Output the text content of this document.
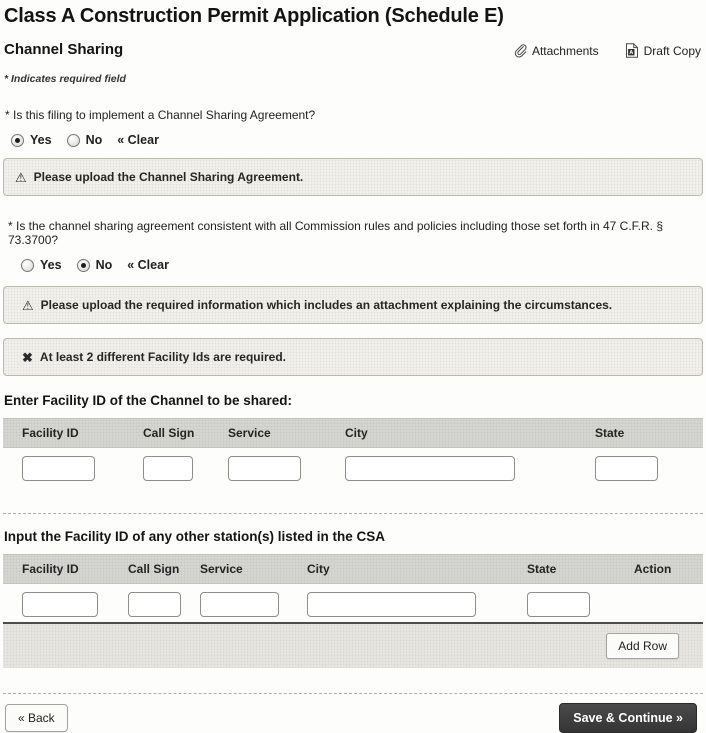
Class A Construction Permit Application (Schedule E)
Channel Sharing	Attachments	A Draft Copy
* Indicates required field
* Is this filing to implement a Channel Sharing Agreement?
Yes	No « Clear
⚠ Please upload the Channel Sharing Agreement.
* Is the channel sharing agreement consistent with all Commission rules and policies including those set forth in 47 C.F.R. § 73.3700?
Yes	No « Clear
⚠ Please upload the required information which includes an attachment explaining the circumstances.
✖ At least 2 different Facility Ids are required.
Enter Facility ID of the Channel to be shared:
Facility ID	Call Sign	Service	City	State
Input the Facility ID of any other station(s) listed in the CSA
Facility ID	Call Sign	Service	City	State	Action
Add Row
« Back	Save & Continue »
